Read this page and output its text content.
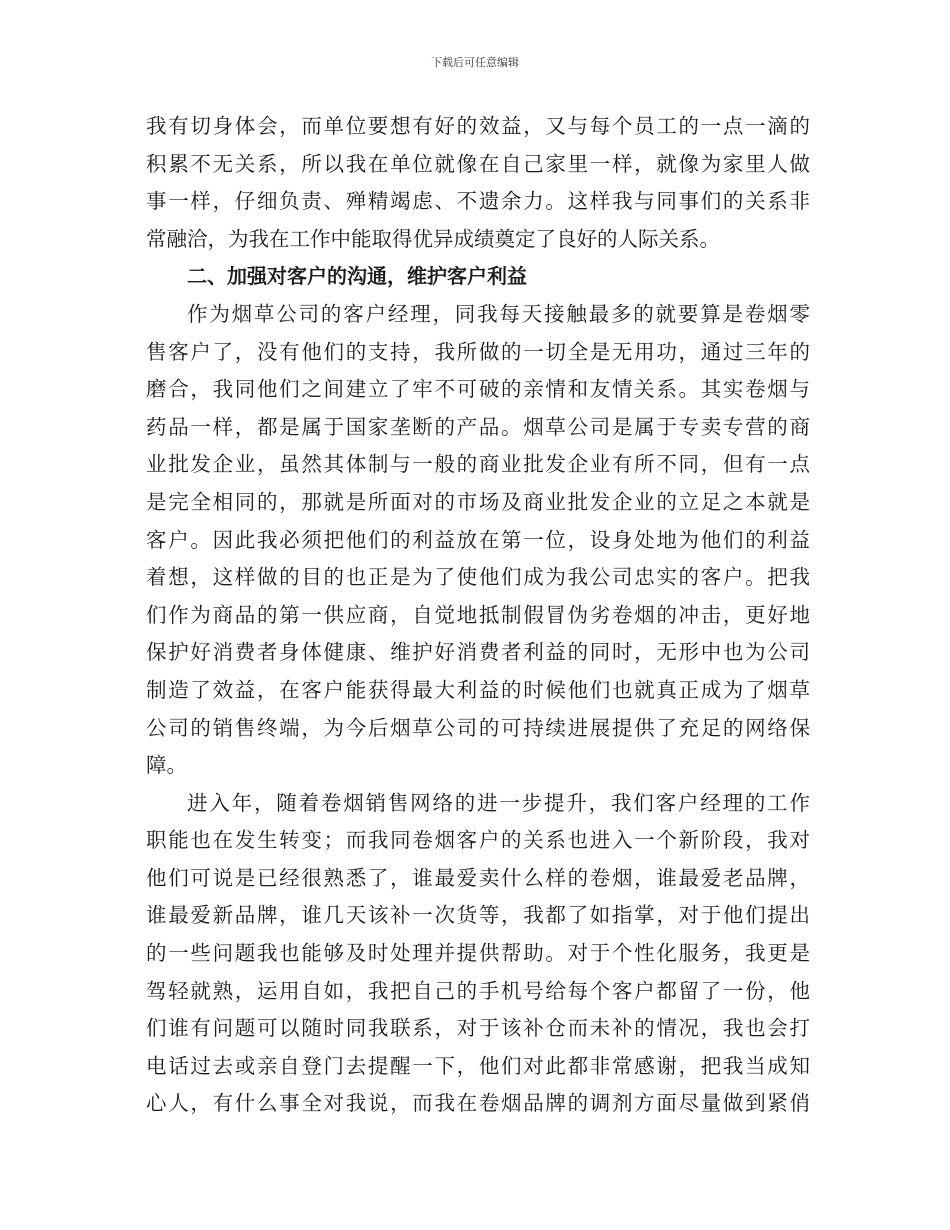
下载后可任意编辑
我有切身体会，而单位要想有好的效益，又与每个员工的一点一滴的
积累不无关系，所以我在单位就像在自己家里一样，就像为家里人做
事一样，仔细负责、殚精竭虑、不遗余力。这样我与同事们的关系非
常融洽，为我在工作中能取得优异成绩奠定了良好的人际关系。
二、加强对客户的沟通，维护客户利益
作为烟草公司的客户经理，同我每天接触最多的就要算是卷烟零
售客户了，没有他们的支持，我所做的一切全是无用功，通过三年的
磨合，我同他们之间建立了牢不可破的亲情和友情关系。其实卷烟与
药品一样，都是属于国家垄断的产品。烟草公司是属于专卖专营的商
业批发企业，虽然其体制与一般的商业批发企业有所不同，但有一点
是完全相同的，那就是所面对的市场及商业批发企业的立足之本就是
客户。因此我必须把他们的利益放在第一位，设身处地为他们的利益
着想，这样做的目的也正是为了使他们成为我公司忠实的客户。把我
们作为商品的第一供应商，自觉地抵制假冒伪劣卷烟的冲击，更好地
保护好消费者身体健康、维护好消费者利益的同时，无形中也为公司
制造了效益，在客户能获得最大利益的时候他们也就真正成为了烟草
公司的销售终端，为今后烟草公司的可持续进展提供了充足的网络保
障。
进入年，随着卷烟销售网络的进一步提升，我们客户经理的工作
职能也在发生转变；而我同卷烟客户的关系也进入一个新阶段，我对
他们可说是已经很熟悉了，谁最爱卖什么样的卷烟，谁最爱老品牌，
谁最爱新品牌，谁几天该补一次货等，我都了如指掌，对于他们提出
的一些问题我也能够及时处理并提供帮助。对于个性化服务，我更是
驾轻就熟，运用自如，我把自己的手机号给每个客户都留了一份，他
们谁有问题可以随时同我联系，对于该补仓而未补的情况，我也会打
电话过去或亲自登门去提醒一下，他们对此都非常感谢，把我当成知
心人，有什么事全对我说，而我在卷烟品牌的调剂方面尽量做到紧俏
